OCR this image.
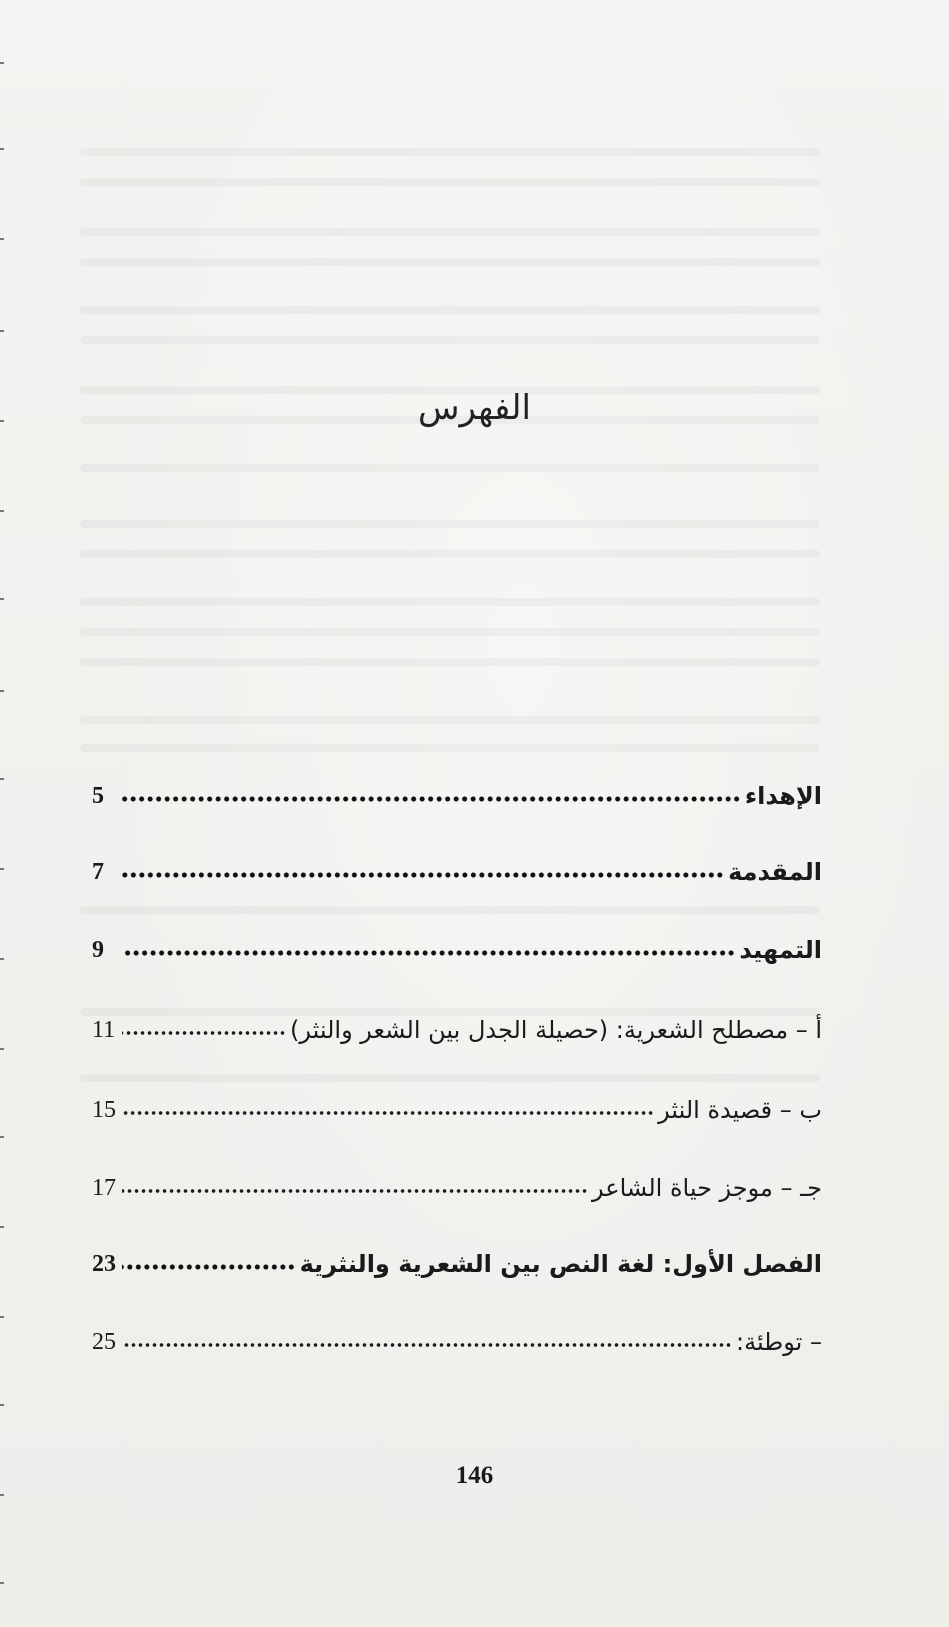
الفهرس
الإهداء
5
المقدمة
7
التمهيد
9
أ – مصطلح الشعرية: (حصيلة الجدل بين الشعر والنثر)
11
ب – قصيدة النثر
15
جـ – موجز حياة الشاعر
17
الفصل الأول: لغة النص بين الشعرية والنثرية
23
– توطئة:
25
146
